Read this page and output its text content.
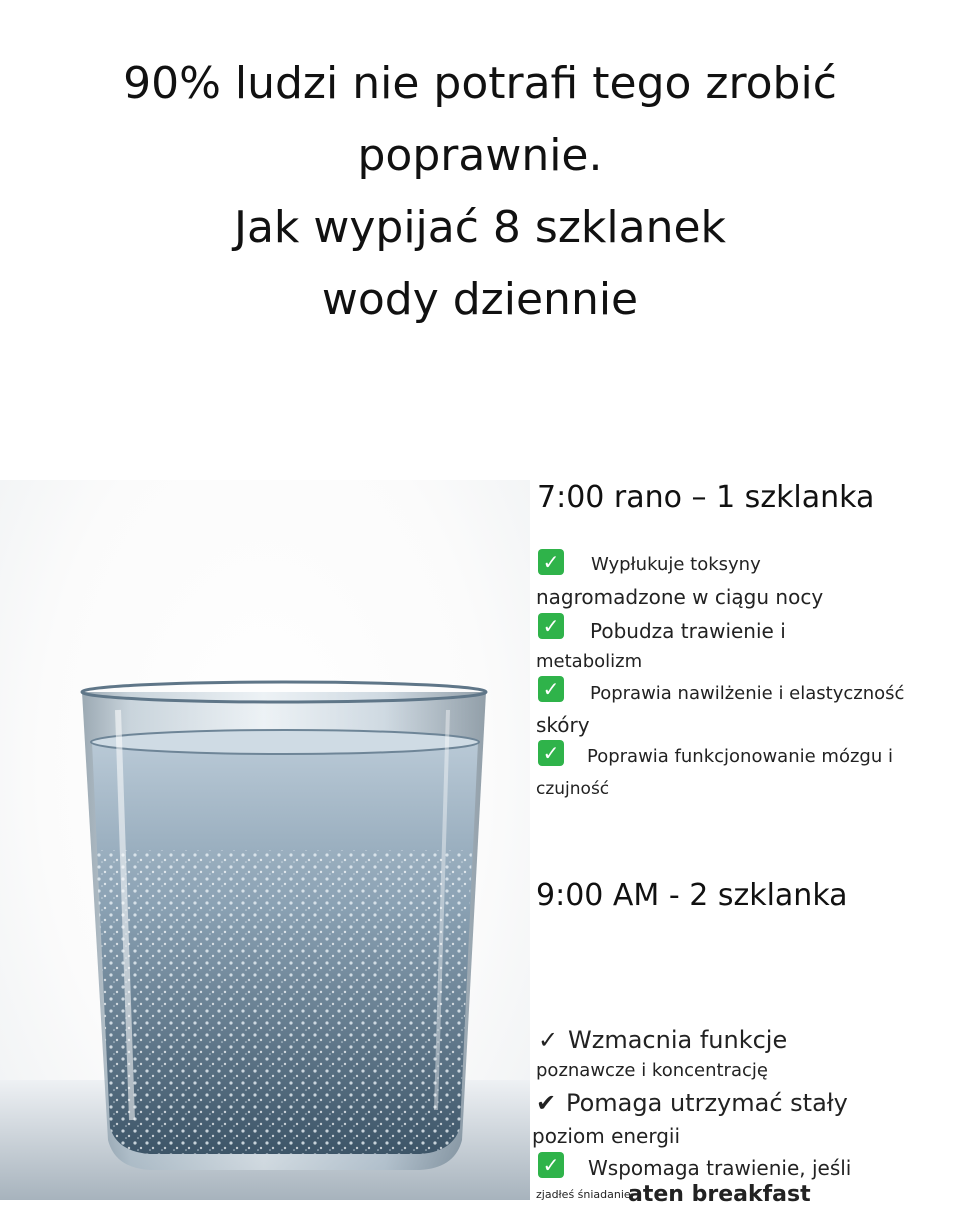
90% ludzi nie potrafi tego zrobić
poprawnie.
Jak wypijać 8 szklanek
wody dziennie
7:00 rano – 1 szklanka
✓ Wypłukuje toksyny
nagromadzone w ciągu nocy
✓ Pobudza trawienie i
metabolizm
✓ Poprawia nawilżenie i elastyczność
skóry
✓ Poprawia funkcjonowanie mózgu i
czujność
9:00 AM - 2 szklanka
✓ Wzmacnia funkcje
poznawcze i koncentrację
✔ Pomaga utrzymać stały
poziom energii
✓ Wspomaga trawienie, jeśli
zjadłeś śniadanie
aten breakfast
